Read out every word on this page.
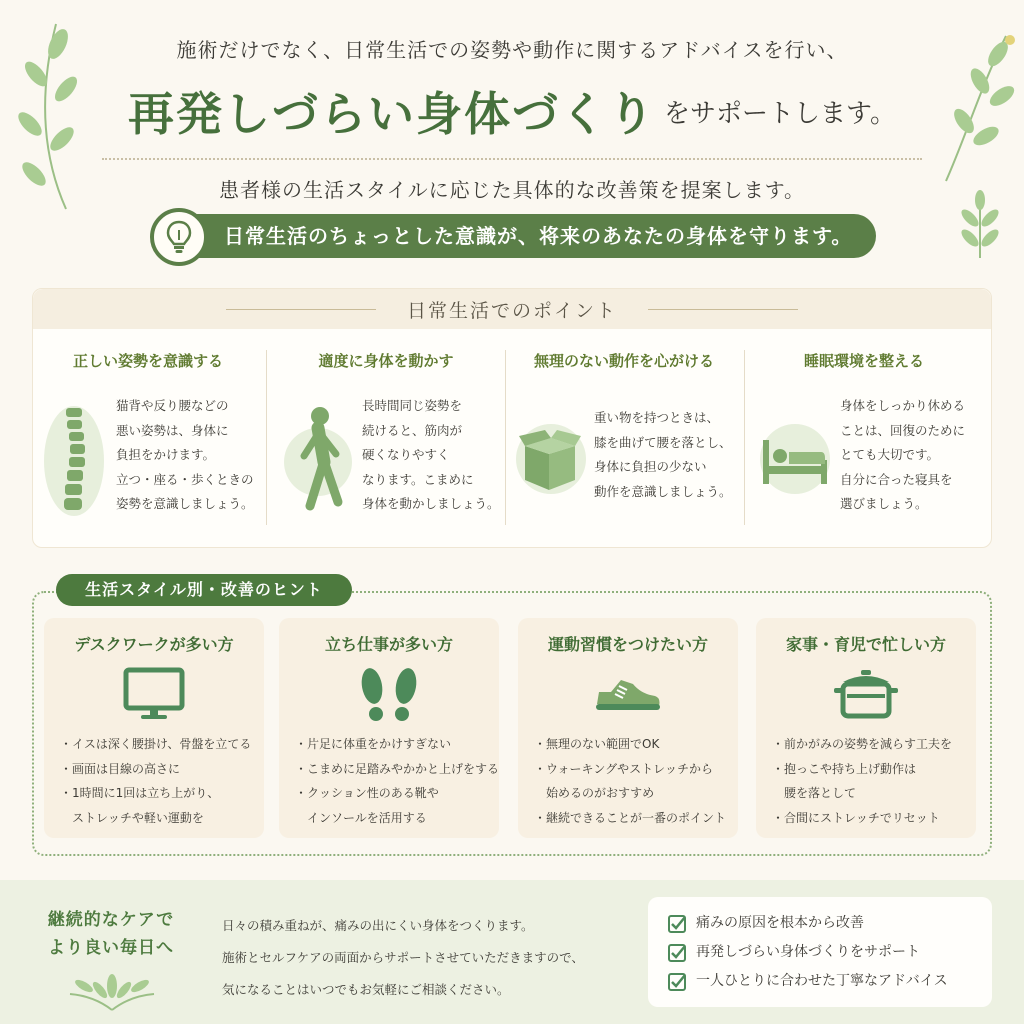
施術だけでなく、日常生活での姿勢や動作に関するアドバイスを行い、
再発しづらい身体づくり をサポートします。
患者様の生活スタイルに応じた具体的な改善策を提案します。
日常生活のちょっとした意識が、将来のあなたの身体を守ります。
日常生活でのポイント
正しい姿勢を意識する
猫背や反り腰などの
悪い姿勢は、身体に
負担をかけます。
立つ・座る・歩くときの
姿勢を意識しましょう。
適度に身体を動かす
長時間同じ姿勢を
続けると、筋肉が
硬くなりやすく
なります。こまめに
身体を動かしましょう。
無理のない動作を心がける
重い物を持つときは、
膝を曲げて腰を落とし、
身体に負担の少ない
動作を意識しましょう。
睡眠環境を整える
身体をしっかり休める
ことは、回復のために
とても大切です。
自分に合った寝具を
選びましょう。
生活スタイル別・改善のヒント
デスクワークが多い方
・ イスは深く腰掛け、骨盤を立てる
・ 画面は目線の高さに
・ 1時間に1回は立ち上がり、
ストレッチや軽い運動を
立ち仕事が多い方
・ 片足に体重をかけすぎない
・ こまめに足踏みやかかと上げをする
・ クッション性のある靴や
インソールを活用する
運動習慣をつけたい方
・ 無理のない範囲でOK
・ ウォーキングやストレッチから
始めるのがおすすめ
・ 継続できることが一番のポイント
家事・育児で忙しい方
・ 前かがみの姿勢を減らす工夫を
・ 抱っこや持ち上げ動作は
腰を落として
・ 合間にストレッチでリセット
継続的なケアで
より良い毎日へ
日々の積み重ねが、痛みの出にくい身体をつくります。
施術とセルフケアの両面からサポートさせていただきますので、
気になることはいつでもお気軽にご相談ください。
痛みの原因を根本から改善
再発しづらい身体づくりをサポート
一人ひとりに合わせた丁寧なアドバイス
